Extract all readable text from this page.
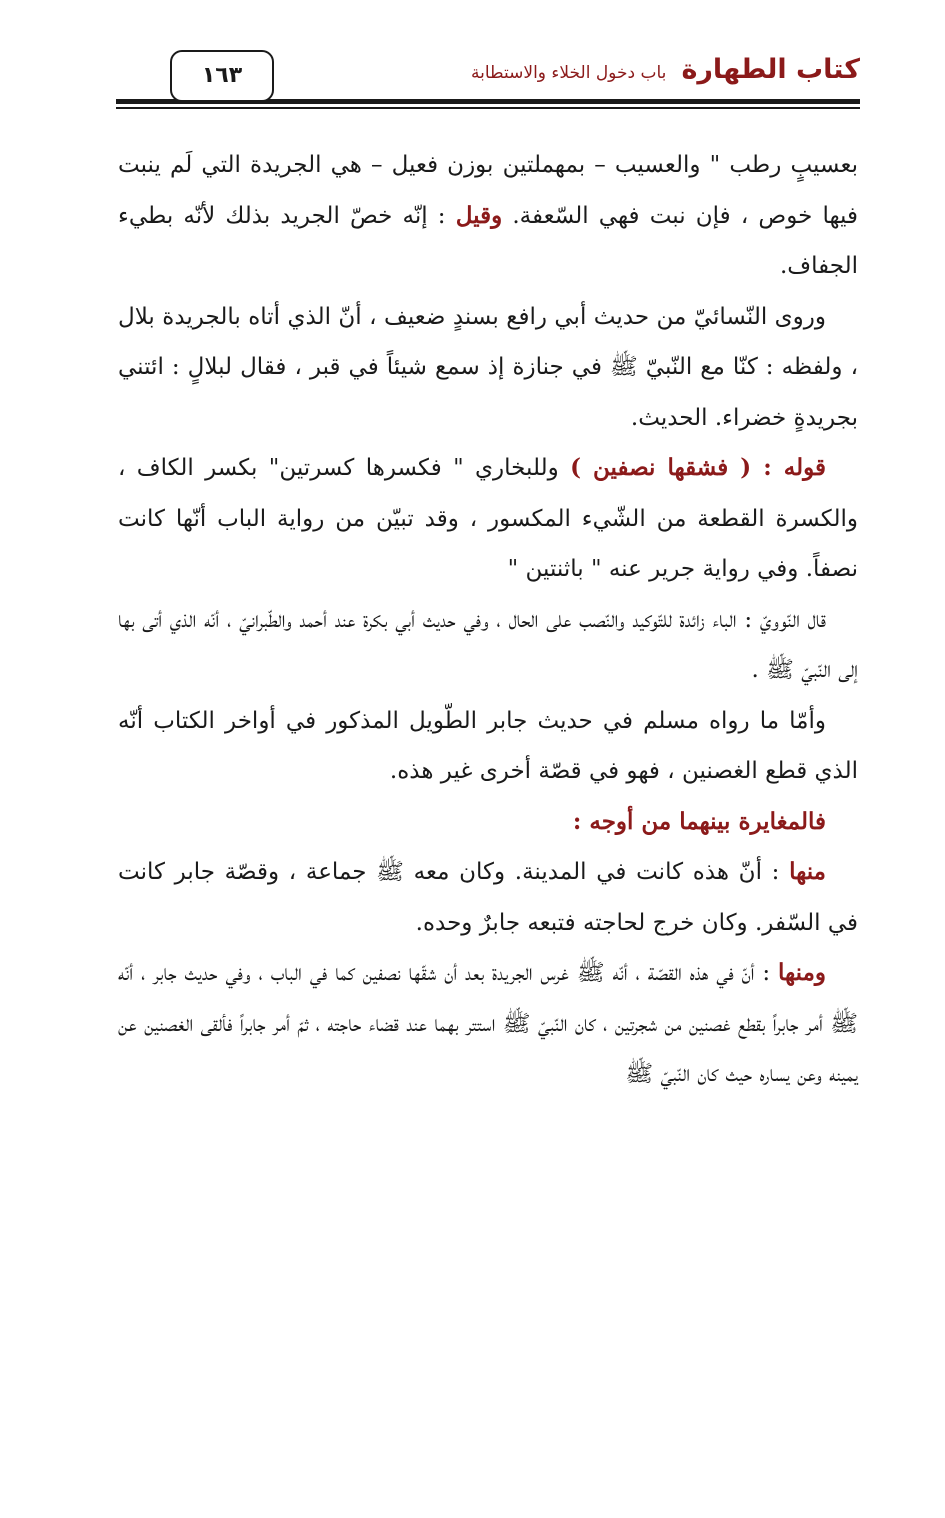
١٦٣	كتاب الطهارة باب دخول الخلاء والاستطابة

بعسيبٍ رطب " والعسيب – بمهملتين بوزن فعيل – هي الجريدة التي لَم ينبت فيها خوص ، فإن نبت فهي السّعفة. وقيل : إنّه خصّ الجريد بذلك لأنّه بطيء الجفاف.

وروى النّسائيّ من حديث أبي رافع بسندٍ ضعيف ، أنّ الذي أتاه بالجريدة بلال ، ولفظه : كنّا مع النّبيّ ﷺ في جنازة إذ سمع شيئاً في قبر ، فقال لبلالٍ : ائتني بجريدةٍ خضراء. الحديث.

قوله : ( فشقها نصفين ) وللبخاري " فكسرها كسرتين" بكسر الكاف ، والكسرة القطعة من الشّيء المكسور ، وقد تبيّن من رواية الباب أنّها كانت نصفاً. وفي رواية جرير عنه " باثنتين "

قال النّوويّ : الباء زائدة للتّوكيد والنّصب على الحال ، وفي حديث أبي بكرة عند أحمد والطّبرانيّ ، أنّه الذي أتى بها إلى النّبيّ ﷺ .

وأمّا ما رواه مسلم في حديث جابر الطّويل المذكور في أواخر الكتاب أنّه الذي قطع الغصنين ، فهو في قصّة أخرى غير هذه.

فالمغايرة بينهما من أوجه :

منها : أنّ هذه كانت في المدينة. وكان معه ﷺ جماعة ، وقصّة جابر كانت في السّفر. وكان خرج لحاجته فتبعه جابرٌ وحده.

ومنها : أنّ في هذه القصّة ، أنّه ﷺ غرس الجريدة بعد أن شقّها نصفين كما في الباب ، وفي حديث جابر ، أنّه ﷺ أمر جابراً بقطع غصنين من شجرتين ، كان النّبيّ ﷺ استتر بهما عند قضاء حاجته ، ثمّ أمر جابراً فألقى الغصنين عن يمينه وعن يساره حيث كان النّبيّ ﷺ
